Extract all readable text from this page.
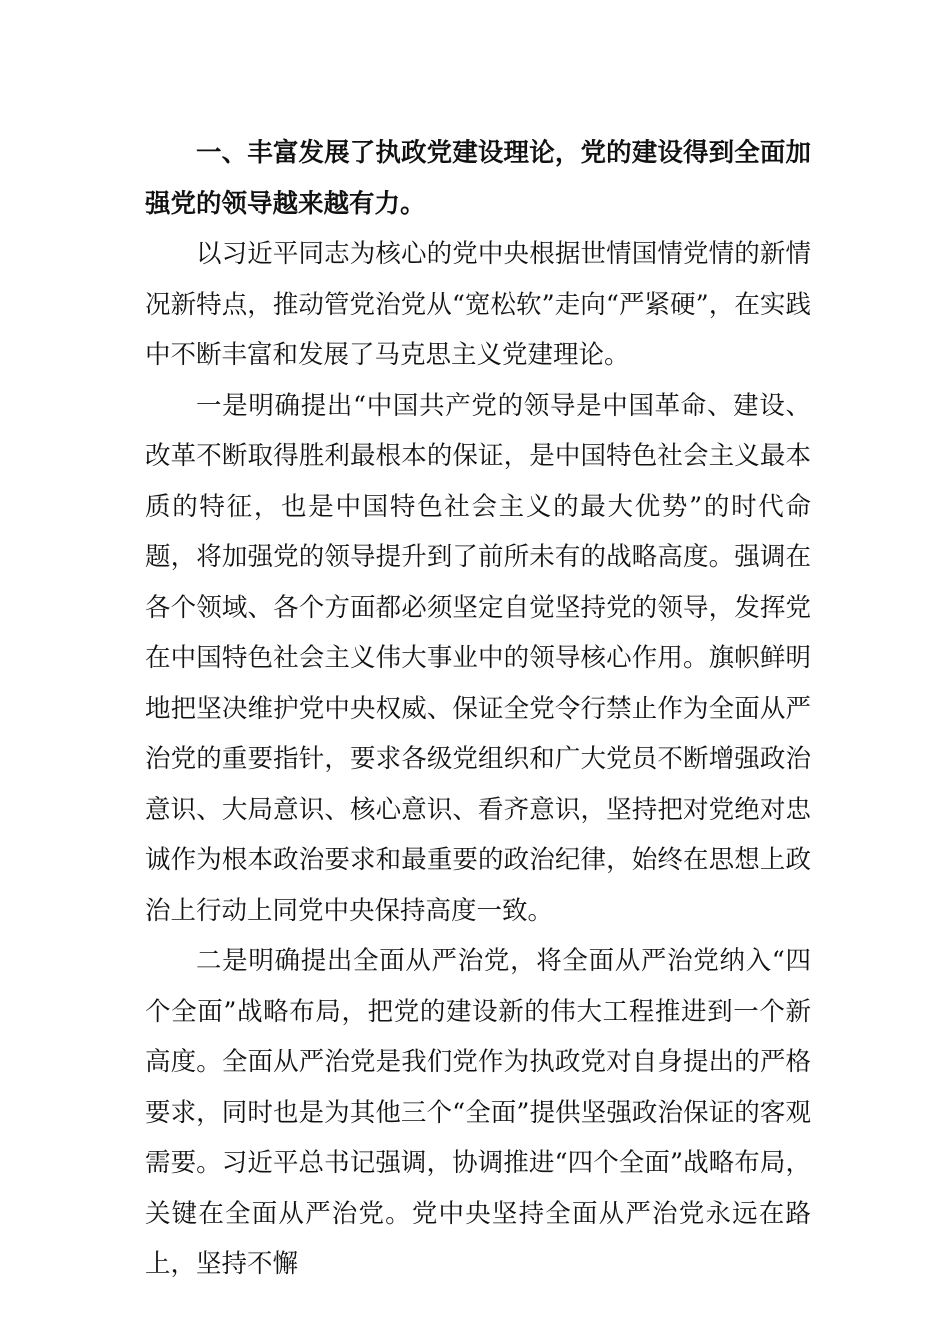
一、丰富发展了执政党建设理论，党的建设得到全面加强党的领导越来越有力。

以习近平同志为核心的党中央根据世情国情党情的新情况新特点，推动管党治党从“宽松软”走向“严紧硬”，在实践中不断丰富和发展了马克思主义党建理论。

一是明确提出“中国共产党的领导是中国革命、建设、改革不断取得胜利最根本的保证，是中国特色社会主义最本质的特征，也是中国特色社会主义的最大优势”的时代命题，将加强党的领导提升到了前所未有的战略高度。强调在各个领域、各个方面都必须坚定自觉坚持党的领导，发挥党在中国特色社会主义伟大事业中的领导核心作用。旗帜鲜明地把坚决维护党中央权威、保证全党令行禁止作为全面从严治党的重要指针，要求各级党组织和广大党员不断增强政治意识、大局意识、核心意识、看齐意识，坚持把对党绝对忠诚作为根本政治要求和最重要的政治纪律，始终在思想上政治上行动上同党中央保持高度一致。

二是明确提出全面从严治党，将全面从严治党纳入“四个全面”战略布局，把党的建设新的伟大工程推进到一个新高度。全面从严治党是我们党作为执政党对自身提出的严格要求，同时也是为其他三个“全面”提供坚强政治保证的客观需要。习近平总书记强调，协调推进“四个全面”战略布局，关键在全面从严治党。党中央坚持全面从严治党永远在路上，坚持不懈
